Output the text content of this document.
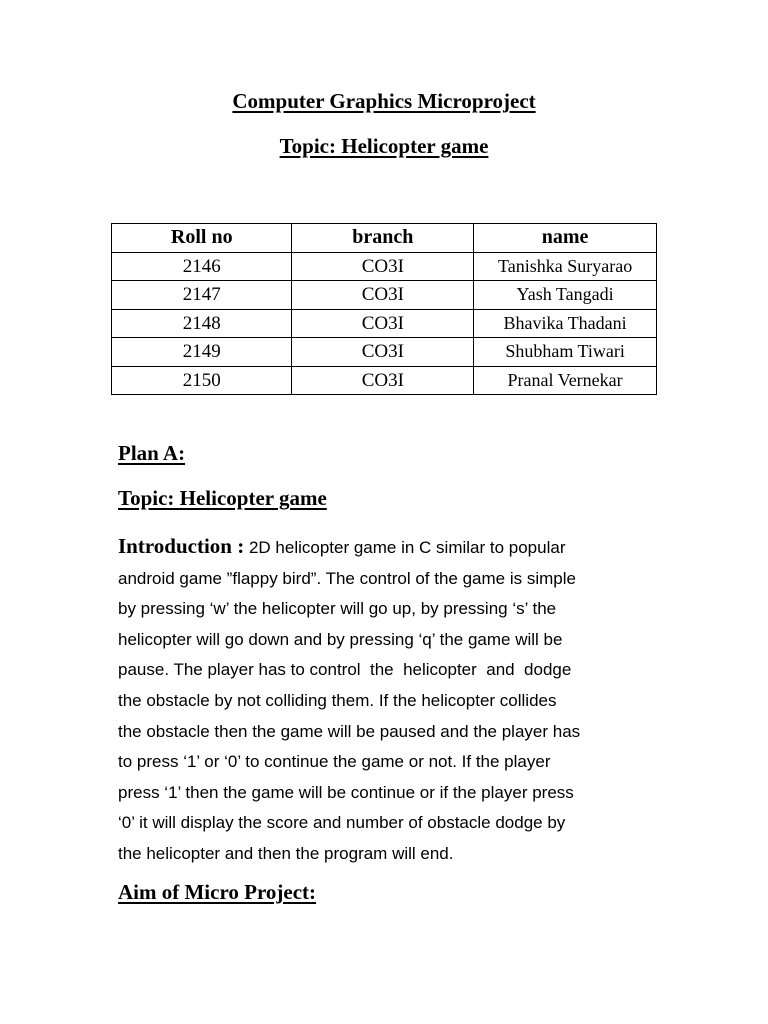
Computer Graphics Microproject
Topic: Helicopter game
Roll no	branch	name
2146	CO3I	Tanishka Suryarao
2147	CO3I	Yash Tangadi
2148	CO3I	Bhavika Thadani
2149	CO3I	Shubham Tiwari
2150	CO3I	Pranal Vernekar
Plan A:
Topic: Helicopter game

Introduction : 2D helicopter game in C similar to popular
android game ”flappy bird”. The control of the game is simple
by pressing ‘w’ the helicopter will go up, by pressing ‘s’ the
helicopter will go down and by pressing ‘q’ the game will be
pause. The player has to control  the  helicopter  and  dodge
the obstacle by not colliding them. If the helicopter collides
the obstacle then the game will be paused and the player has
to press ‘1’ or ‘0’ to continue the game or not. If the player
press ‘1’ then the game will be continue or if the player press
‘0’ it will display the score and number of obstacle dodge by
the helicopter and then the program will end.

Aim of Micro Project:
